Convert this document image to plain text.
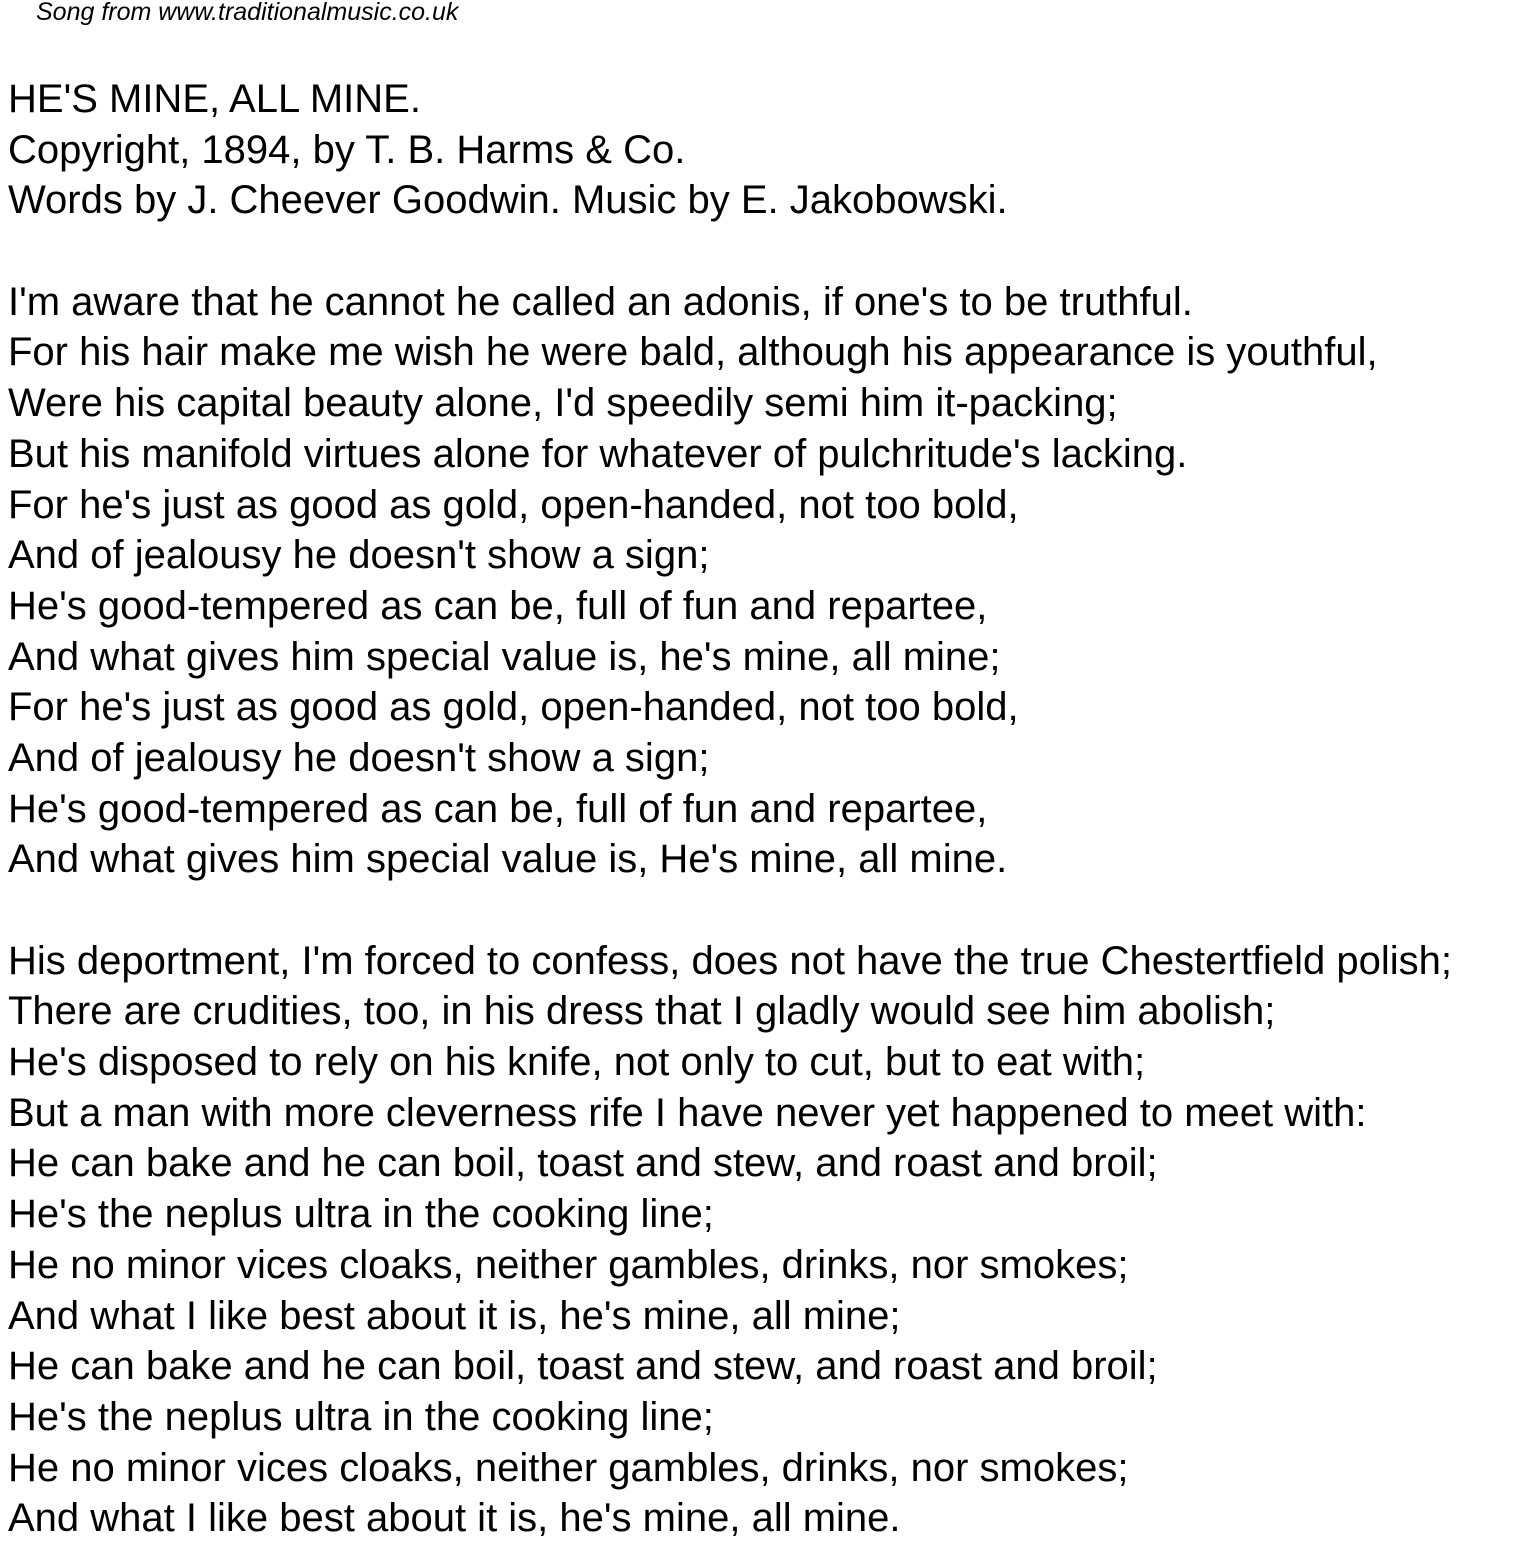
Song from www.traditionalmusic.co.uk
HE'S MINE, ALL MINE.
Copyright, 1894, by T. B. Harms & Co.
Words by J. Cheever Goodwin. Music by E. Jakobowski.
I'm aware that he cannot he called an adonis, if one's to be truthful.
For his hair make me wish he were bald, although his appearance is youthful,
Were his capital beauty alone, I'd speedily semi him it-packing;
But his manifold virtues alone for whatever of pulchritude's lacking.
For he's just as good as gold, open-handed, not too bold,
And of jealousy he doesn't show a sign;
He's good-tempered as can be, full of fun and repartee,
And what gives him special value is, he's mine, all mine;
For he's just as good as gold, open-handed, not too bold,
And of jealousy he doesn't show a sign;
He's good-tempered as can be, full of fun and repartee,
And what gives him special value is, He's mine, all mine.
His deportment, I'm forced to confess, does not have the true Chestertfield polish;
There are crudities, too, in his dress that I gladly would see him abolish;
He's disposed to rely on his knife, not only to cut, but to eat with;
But a man with more cleverness rife I have never yet happened to meet with:
He can bake and he can boil, toast and stew, and roast and broil;
He's the neplus ultra in the cooking line;
He no minor vices cloaks, neither gambles, drinks, nor smokes;
And what I like best about it is, he's mine, all mine;
He can bake and he can boil, toast and stew, and roast and broil;
He's the neplus ultra in the cooking line;
He no minor vices cloaks, neither gambles, drinks, nor smokes;
And what I like best about it is, he's mine, all mine.
